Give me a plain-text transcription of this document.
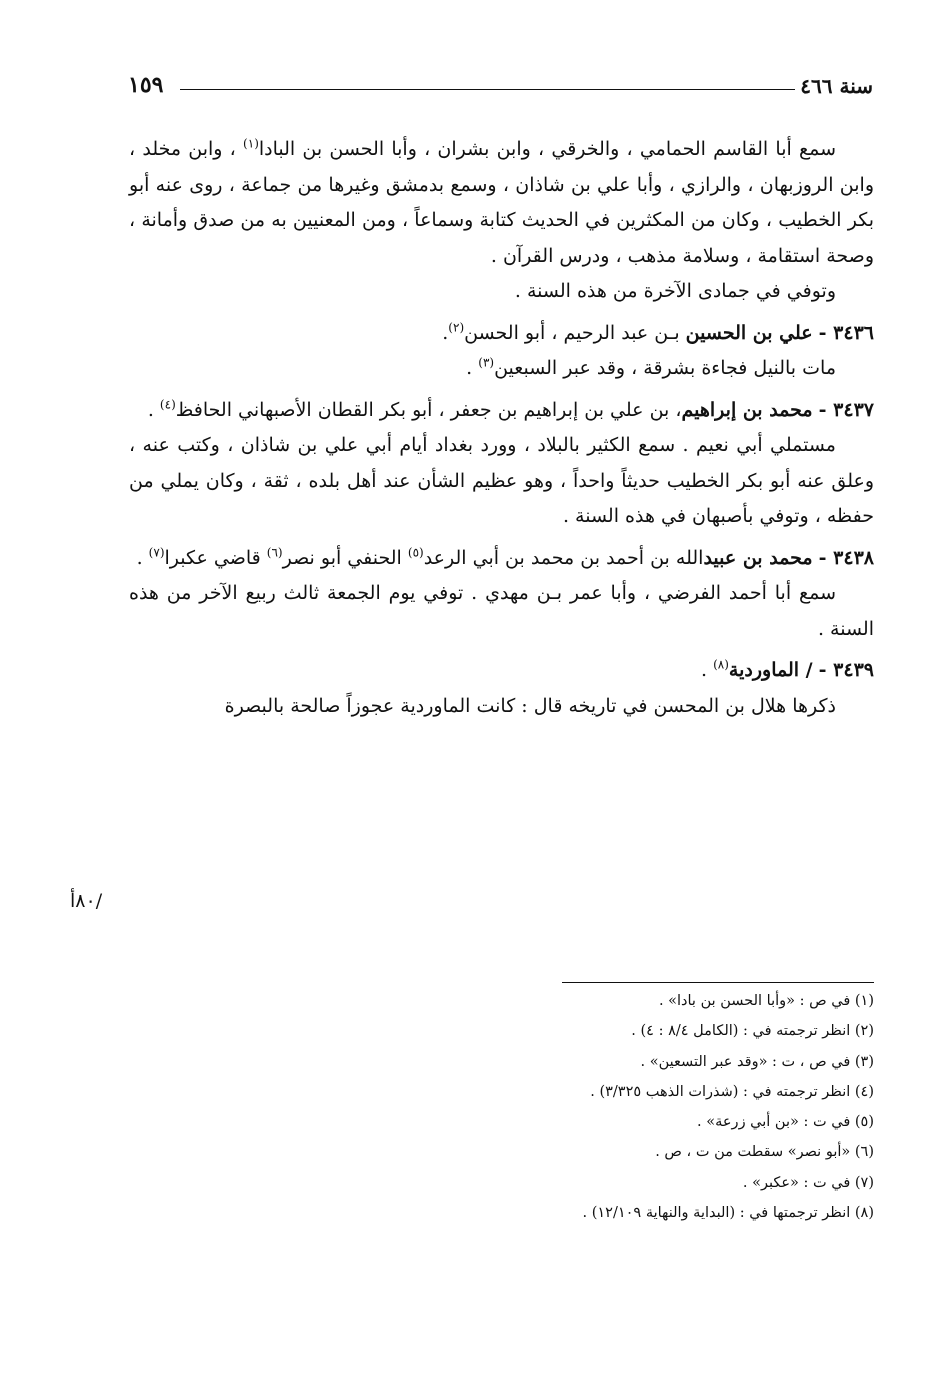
سنة ٤٦٦
١٥٩

سمع أبا القاسم الحمامي ، والخرقي ، وابن بشران ، وأبا الحسن بن البادا$^{(١)}$ ، وابن مخلد ، وابن الروزبهان ، والرازي ، وأبا علي بن شاذان ، وسمع بدمشق وغيرها من جماعة ، روى عنه أبو بكر الخطيب ، وكان من المكثرين في الحديث كتابة وسماعاً ، ومن المعنيين به من صدق وأمانة ، وصحة استقامة ، وسلامة مذهب ، ودرس القرآن .

وتوفي في جمادى الآخرة من هذه السنة .

٣٤٣٦ - علي بن الحسين بـن عبد الرحيم ، أبو الحسن$^{(٢)}$.

مات بالنيل فجاءة بشرقة ، وقد عبر السبعين$^{(٣)}$ .

٣٤٣٧ - محمد بن إبراهيم، بن علي بن إبراهيم بن جعفر ، أبو بكر القطان الأصبهاني الحافظ$^{(٤)}$ .

مستملي أبي نعيم . سمع الكثير بالبلاد ، وورد بغداد أيام أبي علي بن شاذان ، وكتب عنه ، وعلق عنه أبو بكر الخطيب حديثاً واحداً ، وهو عظيم الشأن عند أهل بلده ، ثقة ، وكان يملي من حفظه ، وتوفي بأصبهان في هذه السنة .

٣٤٣٨ - محمد بن عبيدالله بن أحمد بن محمد بن أبي الرعد$^{(٥)}$ الحنفي أبو نصر$^{(٦)}$ قاضي عكبرا$^{(٧)}$ .

سمع أبا أحمد الفرضي ، وأبا عمر بـن مهدي . توفي يوم الجمعة ثالث ربيع الآخر من هذه السنة .

٣٤٣٩ - / الماوردية$^{(٨)}$ .

ذكرها هلال بن المحسن في تاريخه قال : كانت الماوردية عجوزاً صالحة بالبصرة

/٨٠أ

(١) في ص : «وأبا الحسن بن بادا» .

(٢) انظر ترجمته في : (الكامل ٨/٤ : ٤) .

(٣) في ص ، ت : «وقد عبر التسعين» .

(٤) انظر ترجمته في : (شذرات الذهب ٣/٣٢٥) .

(٥) في ت : «بن أبي زرعة» .

(٦) «أبو نصر» سقطت من ت ، ص .

(٧) في ت : «عكبر» .

(٨) انظر ترجمتها في : (البداية والنهاية ١٢/١٠٩) .
